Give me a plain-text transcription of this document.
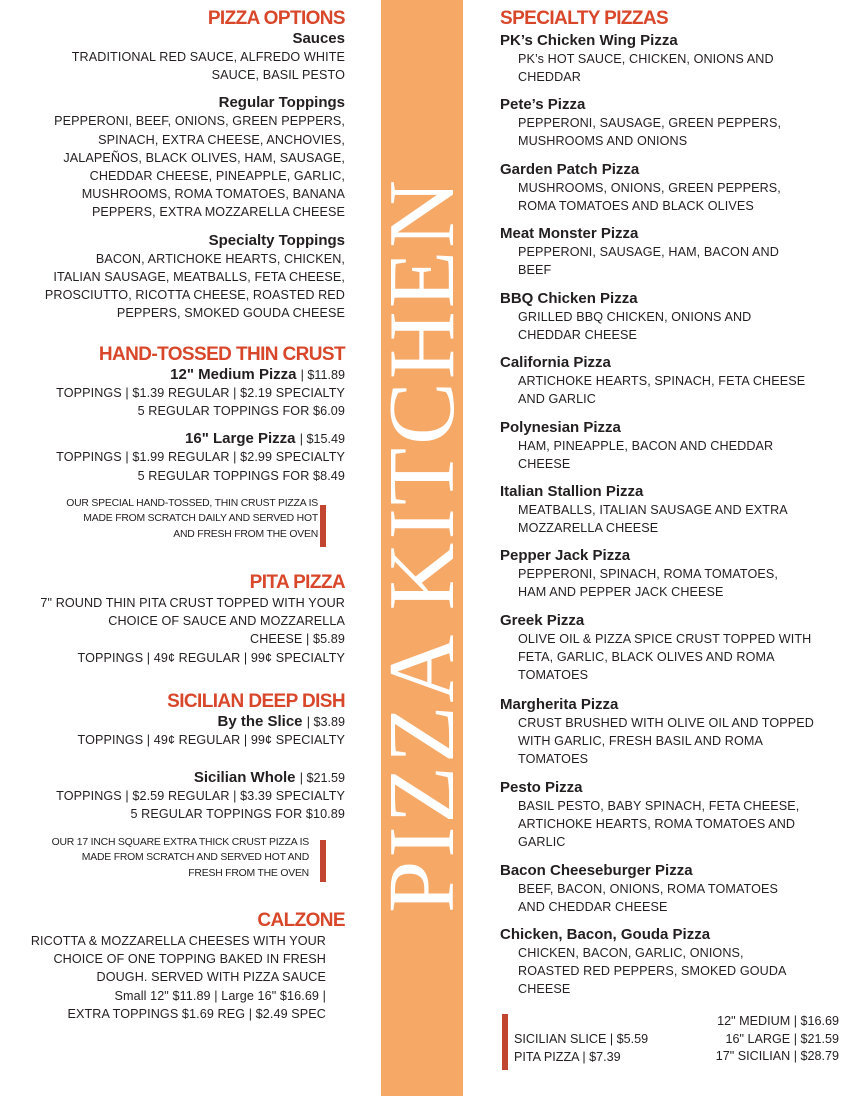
PIZZA KITCHEN
PIZZA OPTIONS
Sauces
TRADITIONAL RED SAUCE, ALFREDO WHITE
SAUCE, BASIL PESTO
Regular Toppings
PEPPERONI, BEEF, ONIONS, GREEN PEPPERS,
SPINACH, EXTRA CHEESE, ANCHOVIES,
JALAPEÑOS, BLACK OLIVES, HAM, SAUSAGE,
CHEDDAR CHEESE, PINEAPPLE, GARLIC,
MUSHROOMS, ROMA TOMATOES, BANANA
PEPPERS, EXTRA MOZZARELLA CHEESE
Specialty Toppings
BACON, ARTICHOKE HEARTS, CHICKEN,
ITALIAN SAUSAGE, MEATBALLS, FETA CHEESE,
PROSCIUTTO, RICOTTA CHEESE, ROASTED RED
PEPPERS, SMOKED GOUDA CHEESE
HAND-TOSSED THIN CRUST
12" Medium Pizza | $11.89
TOPPINGS | $1.39 REGULAR | $2.19 SPECIALTY
5 REGULAR TOPPINGS FOR $6.09
16" Large Pizza | $15.49
TOPPINGS | $1.99 REGULAR | $2.99 SPECIALTY
5 REGULAR TOPPINGS FOR $8.49
OUR SPECIAL HAND-TOSSED, THIN CRUST PIZZA IS
MADE FROM SCRATCH DAILY AND SERVED HOT
AND FRESH FROM THE OVEN
PITA PIZZA
7" ROUND THIN PITA CRUST TOPPED WITH YOUR
CHOICE OF SAUCE AND MOZZARELLA
CHEESE | $5.89
TOPPINGS | 49¢ REGULAR | 99¢ SPECIALTY
SICILIAN DEEP DISH
By the Slice | $3.89
TOPPINGS | 49¢ REGULAR | 99¢ SPECIALTY
Sicilian Whole | $21.59
TOPPINGS | $2.59 REGULAR | $3.39 SPECIALTY
5 REGULAR TOPPINGS FOR $10.89
OUR 17 INCH SQUARE EXTRA THICK CRUST PIZZA IS
MADE FROM SCRATCH AND SERVED HOT AND
FRESH FROM THE OVEN
CALZONE
RICOTTA & MOZZARELLA CHEESES WITH YOUR
CHOICE OF ONE TOPPING BAKED IN FRESH
DOUGH. SERVED WITH PIZZA SAUCE
Small 12" $11.89 | Large 16" $16.69 |
EXTRA TOPPINGS $1.69 REG | $2.49 SPEC
SPECIALTY PIZZAS
PK’s Chicken Wing Pizza
PK’s HOT SAUCE, CHICKEN, ONIONS AND
CHEDDAR
Pete’s Pizza
PEPPERONI, SAUSAGE, GREEN PEPPERS,
MUSHROOMS AND ONIONS
Garden Patch Pizza
MUSHROOMS, ONIONS, GREEN PEPPERS,
ROMA TOMATOES AND BLACK OLIVES
Meat Monster Pizza
PEPPERONI, SAUSAGE, HAM, BACON AND
BEEF
BBQ Chicken Pizza
GRILLED BBQ CHICKEN, ONIONS AND
CHEDDAR CHEESE
California Pizza
ARTICHOKE HEARTS, SPINACH, FETA CHEESE
AND GARLIC
Polynesian Pizza
HAM, PINEAPPLE, BACON AND CHEDDAR
CHEESE
Italian Stallion Pizza
MEATBALLS, ITALIAN SAUSAGE AND EXTRA
MOZZARELLA CHEESE
Pepper Jack Pizza
PEPPERONI, SPINACH, ROMA TOMATOES,
HAM AND PEPPER JACK CHEESE
Greek Pizza
OLIVE OIL & PIZZA SPICE CRUST TOPPED WITH
FETA, GARLIC, BLACK OLIVES AND ROMA
TOMATOES
Margherita Pizza
CRUST BRUSHED WITH OLIVE OIL AND TOPPED
WITH GARLIC, FRESH BASIL AND ROMA
TOMATOES
Pesto Pizza
BASIL PESTO, BABY SPINACH, FETA CHEESE,
ARTICHOKE HEARTS, ROMA TOMATOES AND
GARLIC
Bacon Cheeseburger Pizza
BEEF, BACON, ONIONS, ROMA TOMATOES
AND CHEDDAR CHEESE
Chicken, Bacon, Gouda Pizza
CHICKEN, BACON, GARLIC, ONIONS,
ROASTED RED PEPPERS, SMOKED GOUDA
CHEESE
SICILIAN SLICE | $5.59
PITA PIZZA | $7.39
12" MEDIUM | $16.69
16" LARGE | $21.59
17" SICILIAN | $28.79
